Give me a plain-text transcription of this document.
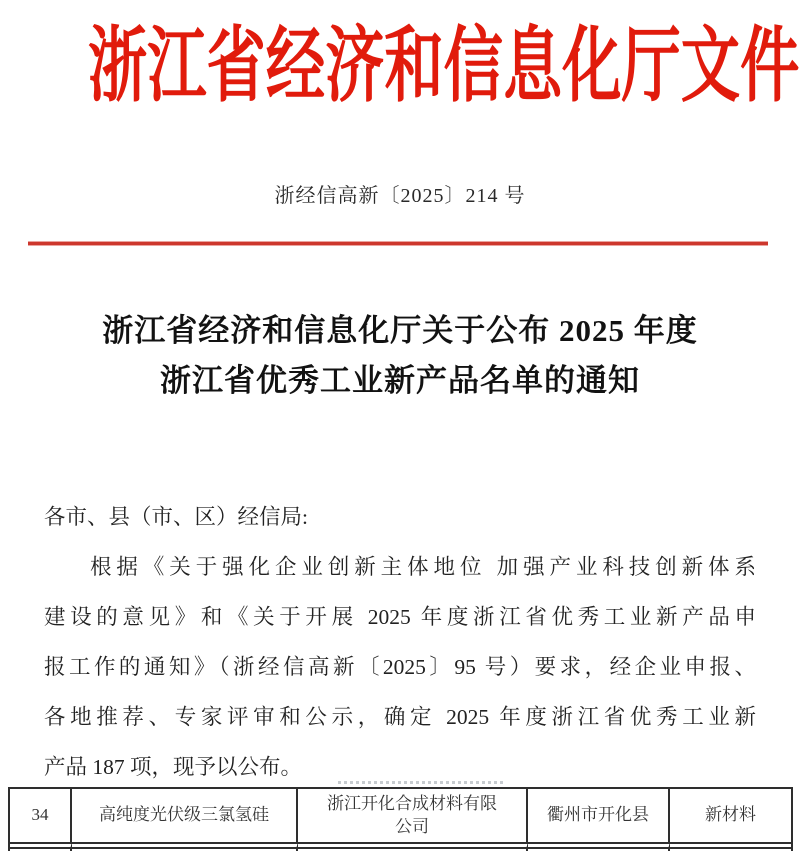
浙江省经济和信息化厅文件
浙经信高新〔2025〕214 号
浙江省经济和信息化厅关于公布 2025 年度
浙江省优秀工业新产品名单的通知
各市、县（市、区）经信局:
根据《关于强化企业创新主体地位 加强产业科技创新体系
建设的意见》和《关于开展 2025 年度浙江省优秀工业新产品申
报工作的通知》（浙经信高新〔2025〕95 号）要求，经企业申报、
各地推荐、专家评审和公示，确定 2025 年度浙江省优秀工业新
产品 187 项，现予以公布。
34	高纯度光伏级三氯氢硅
浙江开化合成材料有限公司
衢州市开化县	新材料
